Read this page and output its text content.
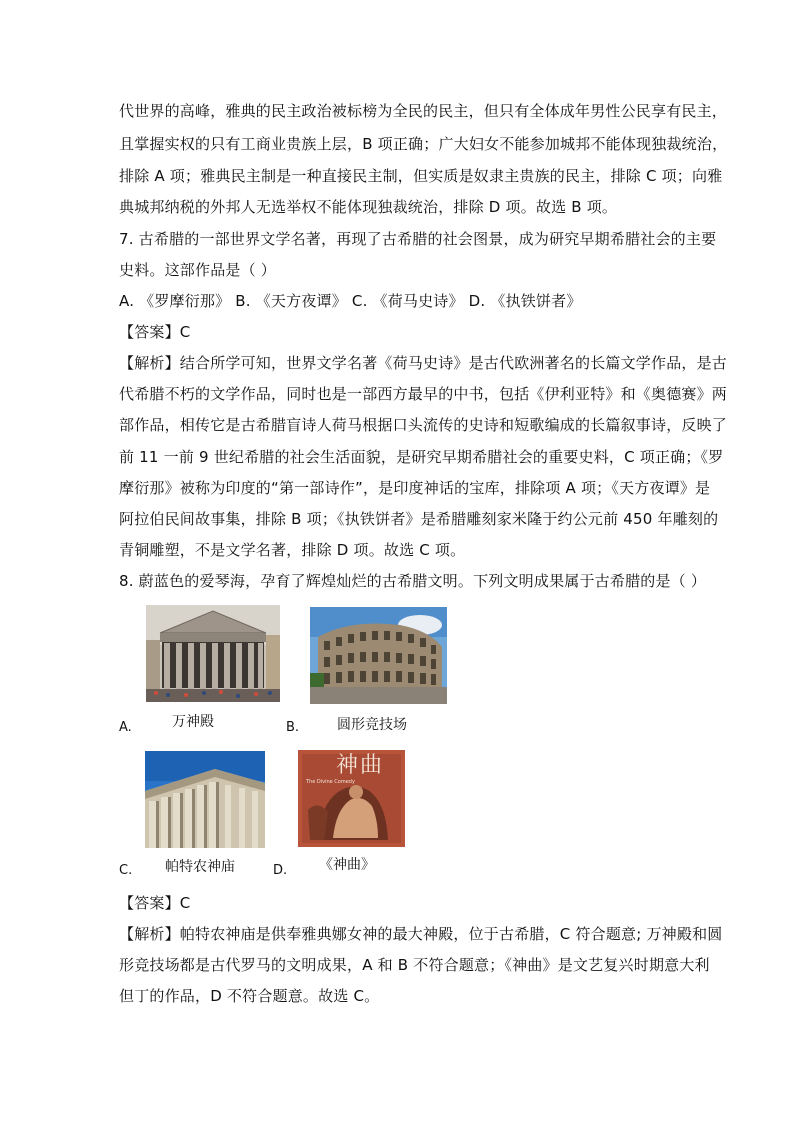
代世界的高峰，雅典的民主政治被标榜为全民的民主，但只有全体成年男性公民享有民主，
且掌握实权的只有工商业贵族上层，B 项正确；广大妇女不能参加城邦不能体现独裁统治，
排除 A 项；雅典民主制是一种直接民主制，但实质是奴隶主贵族的民主，排除 C 项；向雅
典城邦纳税的外邦人无选举权不能体现独裁统治，排除 D 项。故选 B 项。
7. 古希腊的一部世界文学名著，再现了古希腊的社会图景，成为研究早期希腊社会的主要
史料。这部作品是（ ）
A. 《罗摩衍那》 B. 《天方夜谭》 C. 《荷马史诗》 D. 《执铁饼者》
【答案】C
【解析】结合所学可知，世界文学名著《荷马史诗》是古代欧洲著名的长篇文学作品，是古
代希腊不朽的文学作品，同时也是一部西方最早的中书，包括《伊利亚特》和《奥德赛》两
部作品，相传它是古希腊盲诗人荷马根据口头流传的史诗和短歌编成的长篇叙事诗，反映了
前 11 一前 9 世纪希腊的社会生活面貌，是研究早期希腊社会的重要史料，C 项正确；《罗
摩衍那》被称为印度的“第一部诗作”，是印度神话的宝库，排除项 A 项；《天方夜谭》是
阿拉伯民间故事集，排除 B 项；《执铁饼者》是希腊雕刻家米隆于约公元前 450 年雕刻的
青铜雕塑，不是文学名著，排除 D 项。故选 C 项。
8. 蔚蓝色的爱琴海，孕育了辉煌灿烂的古希腊文明。下列文明成果属于古希腊的是（ ）
A.	万神殿	B.	圆形竞技场
神曲
The Divine Comedy
C. 帕特农神庙	D. 《神曲》
【答案】C
【解析】帕特农神庙是供奉雅典娜女神的最大神殿，位于古希腊，C 符合题意; 万神殿和圆
形竞技场都是古代罗马的文明成果，A 和 B 不符合题意；《神曲》是文艺复兴时期意大利
但丁的作品，D 不符合题意。故选 C。
